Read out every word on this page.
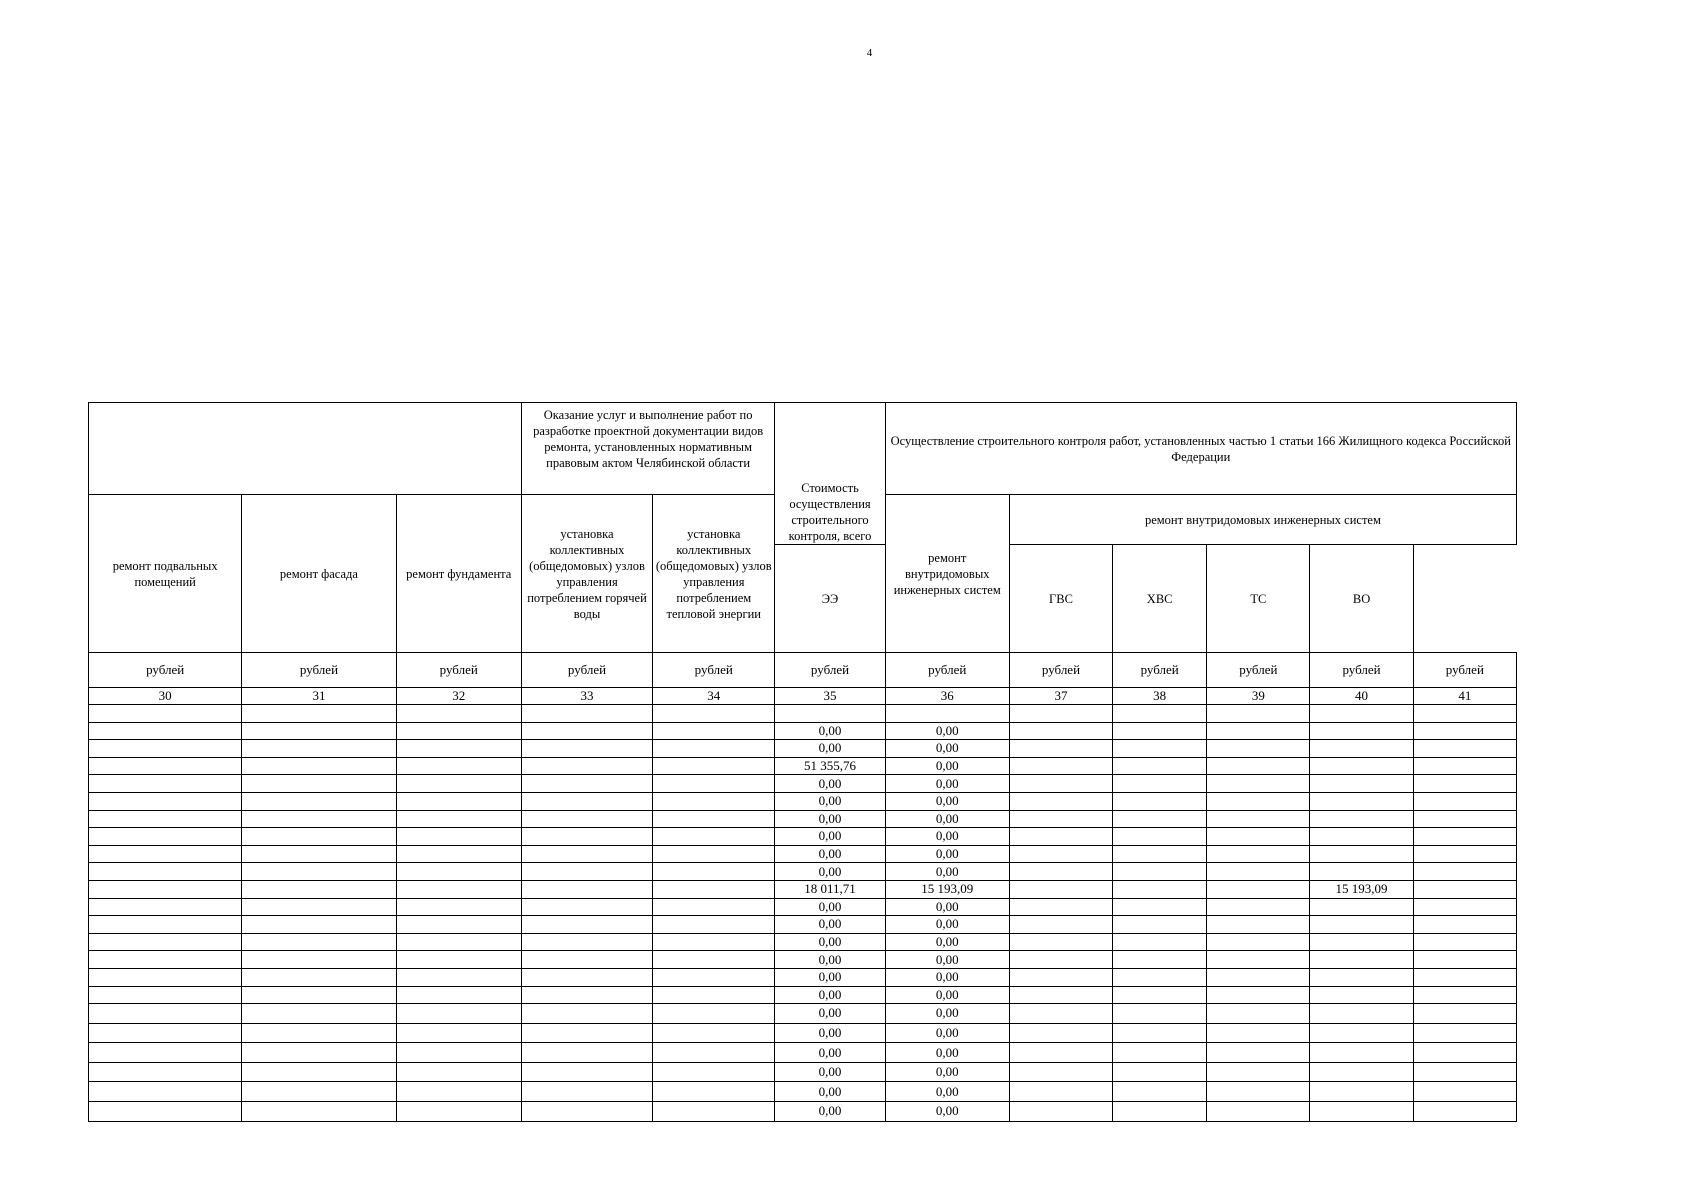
4
			Оказание услуг и выполнение работ по разработке проектной документации видов ремонта, установленных нормативным правовым актом Челябинской области		Стоимость осуществления строительного контроля, всего	Осуществление строительного контроля работ, установленных частью 1 статьи 166 Жилищного кодекса Российской Федерации					
ремонт подвальных помещений	ремонт фасада	ремонт фундамента	установка коллективных (общедомовых) узлов управления потреблением горячей воды	установка коллективных (общедомовых) узлов управления потреблением тепловой энергии		ремонт внутридомовых инженерных систем	ремонт внутридомовых инженерных систем				
					ЭЭ		ГВС	ХВС	ТС	ВО	
рублей	рублей	рублей	рублей	рублей	рублей	рублей	рублей	рублей	рублей	рублей	рублей
30	31	32	33	34	35	36	37	38	39	40	41

					0,00	0,00					
					0,00	0,00					
					51 355,76	0,00					
					0,00	0,00					
					0,00	0,00					
					0,00	0,00					
					0,00	0,00					
					0,00	0,00					
					0,00	0,00					
					18 011,71	15 193,09				15 193,09	
					0,00	0,00					
					0,00	0,00					
					0,00	0,00					
					0,00	0,00					
					0,00	0,00					
					0,00	0,00					
					0,00	0,00					
					0,00	0,00					
					0,00	0,00					
					0,00	0,00					
					0,00	0,00					
					0,00	0,00					
